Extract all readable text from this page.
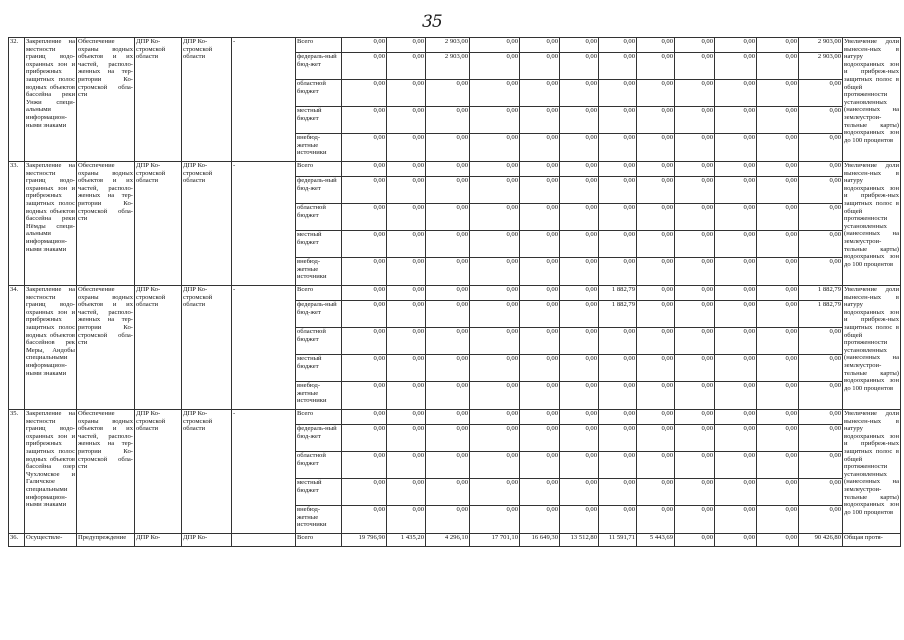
35
32.	Закрепление на местности границ водо-охранных зон и прибрежных защитных полос водных объектов бассейна реки Унжи специ-альными информацион-ными знаками	Обеспечение охраны водных объектов и их частей, располо-женных на тер-ритории Ко-стромской обла-сти	ДПР Ко-стромской области	ДПР Ко-стромской области	-	Всего	0,00	0,00	2 903,00	0,00	0,00	0,00	0,00	0,00	0,00	0,00	0,00	2 903,00	Увеличение доли вынесен-ных в натуру водоохранных зон и прибреж-ных защитных полос в общей протяженности установленных (нанесенных на землеустрои-тельные карты) водоохранных зон до 100 процентов
						федераль-ный бюд-жет	0,00	0,00	2 903,00	0,00	0,00	0,00	0,00	0,00	0,00	0,00	0,00	2 903,00	
						областной бюджет	0,00	0,00	0,00	0,00	0,00	0,00	0,00	0,00	0,00	0,00	0,00	0,00	
						местный бюджет	0,00	0,00	0,00	0,00	0,00	0,00	0,00	0,00	0,00	0,00	0,00	0,00	
						внебюд-жетные источники	0,00	0,00	0,00	0,00	0,00	0,00	0,00	0,00	0,00	0,00	0,00	0,00	
33.	Закрепление на местности границ водо-охранных зон и прибрежных защитных полос водных объектов бассейна реки Нёмды специ-альными информацион-ными знаками	Обеспечение охраны водных объектов и их частей, располо-женных на тер-ритории Ко-стромской обла-сти	ДПР Ко-стромской области	ДПР Ко-стромской области	-	Всего	0,00	0,00	0,00	0,00	0,00	0,00	0,00	0,00	0,00	0,00	0,00	0,00	Увеличение доли вынесен-ных в натуру водоохранных зон и прибреж-ных защитных полос в общей протяженности установленных (нанесенных на землеустрои-тельные карты) водоохранных зон до 100 процентов
						федераль-ный бюд-жет	0,00	0,00	0,00	0,00	0,00	0,00	0,00	0,00	0,00	0,00	0,00	0,00	
						областной бюджет	0,00	0,00	0,00	0,00	0,00	0,00	0,00	0,00	0,00	0,00	0,00	0,00	
						местный бюджет	0,00	0,00	0,00	0,00	0,00	0,00	0,00	0,00	0,00	0,00	0,00	0,00	
						внебюд-жетные источники	0,00	0,00	0,00	0,00	0,00	0,00	0,00	0,00	0,00	0,00	0,00	0,00	
34.	Закрепление на местности границ водо-охранных зон и прибрежных защитных полос водных объектов бассейнов рек Меры, Андобы специальными информацион-ными знаками	Обеспечение охраны водных объектов и их частей, располо-женных на тер-ритории Ко-стромской обла-сти	ДПР Ко-стромской области	ДПР Ко-стромской области	-	Всего	0,00	0,00	0,00	0,00	0,00	0,00	1 882,79	0,00	0,00	0,00	0,00	1 882,79	Увеличение доли вынесен-ных в натуру водоохранных зон и прибреж-ных защитных полос в общей протяженности установленных (нанесенных на землеустрои-тельные карты) водоохранных зон до 100 процентов
						федераль-ный бюд-жет	0,00	0,00	0,00	0,00	0,00	0,00	1 882,79	0,00	0,00	0,00	0,00	1 882,79	
						областной бюджет	0,00	0,00	0,00	0,00	0,00	0,00	0,00	0,00	0,00	0,00	0,00	0,00	
						местный бюджет	0,00	0,00	0,00	0,00	0,00	0,00	0,00	0,00	0,00	0,00	0,00	0,00	
						внебюд-жетные источники	0,00	0,00	0,00	0,00	0,00	0,00	0,00	0,00	0,00	0,00	0,00	0,00	
35.	Закрепление на местности границ водо-охранных зон и прибрежных защитных полос водных объектов бассейна озер Чухломское и Галичское специальными информацион-ными знаками	Обеспечение охраны водных объектов и их частей, располо-женных на тер-ритории Ко-стромской обла-сти	ДПР Ко-стромской области	ДПР Ко-стромской области	-	Всего	0,00	0,00	0,00	0,00	0,00	0,00	0,00	0,00	0,00	0,00	0,00	0,00	Увеличение доли вынесен-ных в натуру водоохранных зон и прибреж-ных защитных полос в общей протяженности установленных (нанесенных на землеустрои-тельные карты) водоохранных зон до 100 процентов
						федераль-ный бюд-жет	0,00	0,00	0,00	0,00	0,00	0,00	0,00	0,00	0,00	0,00	0,00	0,00	
						областной бюджет	0,00	0,00	0,00	0,00	0,00	0,00	0,00	0,00	0,00	0,00	0,00	0,00	
						местный бюджет	0,00	0,00	0,00	0,00	0,00	0,00	0,00	0,00	0,00	0,00	0,00	0,00	
						внебюд-жетные источники	0,00	0,00	0,00	0,00	0,00	0,00	0,00	0,00	0,00	0,00	0,00	0,00	
36.	Осуществле-	Предупреждение	ДПР Ко-	ДПР Ко-		Всего	19 796,90	1 435,20	4 296,10	17 701,10	16 649,30	13 512,80	11 591,71	5 443,69	0,00	0,00	0,00	90 426,80	Общая протя-
